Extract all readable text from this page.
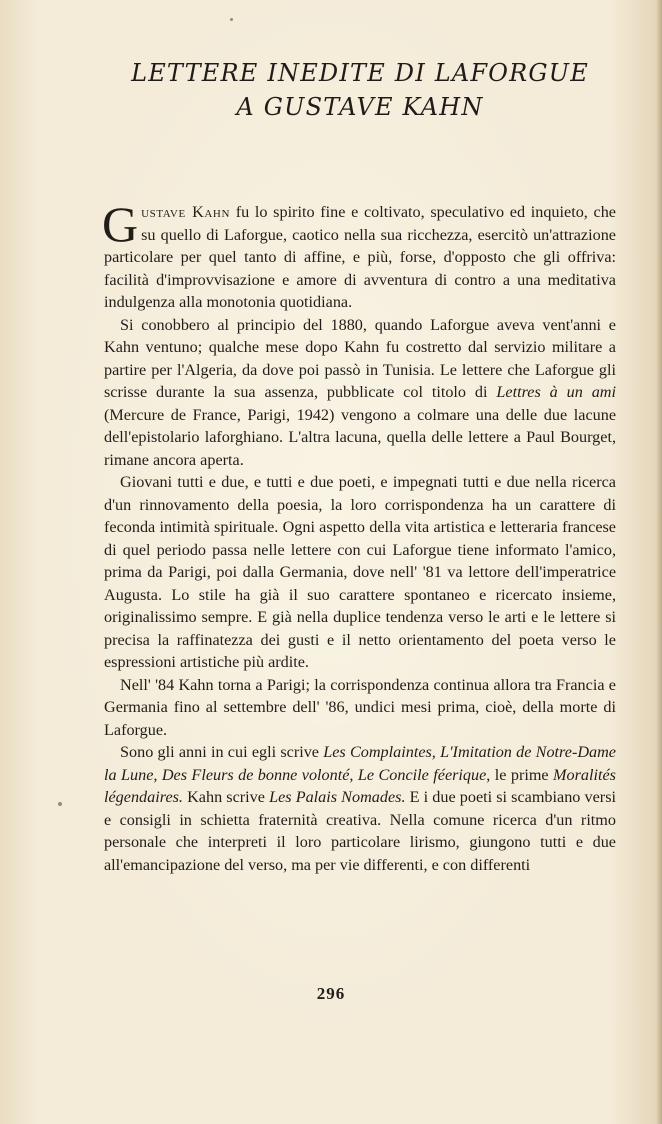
LETTERE INEDITE DI LAFORGUE
A GUSTAVE KAHN

Gustave Kahn fu lo spirito fine e coltivato, speculativo ed inquieto, che su quello di Laforgue, caotico nella sua ricchezza, esercitò un'attrazione particolare per quel tanto di affine, e più, forse, d'opposto che gli offriva: facilità d'improvvisazione e amore di avventura di contro a una meditativa indulgenza alla monotonia quotidiana.

Si conobbero al principio del 1880, quando Laforgue aveva vent'anni e Kahn ventuno; qualche mese dopo Kahn fu costretto dal servizio militare a partire per l'Algeria, da dove poi passò in Tunisia. Le lettere che Laforgue gli scrisse durante la sua assenza, pubblicate col titolo di Lettres à un ami (Mercure de France, Parigi, 1942) vengono a colmare una delle due lacune dell'epistolario laforghiano. L'altra lacuna, quella delle lettere a Paul Bourget, rimane ancora aperta.

Giovani tutti e due, e tutti e due poeti, e impegnati tutti e due nella ricerca d'un rinnovamento della poesia, la loro corrispondenza ha un carattere di feconda intimità spirituale. Ogni aspetto della vita artistica e letteraria francese di quel periodo passa nelle lettere con cui Laforgue tiene informato l'amico, prima da Parigi, poi dalla Germania, dove nell' '81 va lettore dell'imperatrice Augusta. Lo stile ha già il suo carattere spontaneo e ricercato insieme, originalissimo sempre. E già nella duplice tendenza verso le arti e le lettere si precisa la raffinatezza dei gusti e il netto orientamento del poeta verso le espressioni artistiche più ardite.

Nell' '84 Kahn torna a Parigi; la corrispondenza continua allora tra Francia e Germania fino al settembre dell' '86, undici mesi prima, cioè, della morte di Laforgue.

Sono gli anni in cui egli scrive Les Complaintes, L'Imitation de Notre-Dame la Lune, Des Fleurs de bonne volonté, Le Concile féerique, le prime Moralités légendaires. Kahn scrive Les Palais Nomades. E i due poeti si scambiano versi e consigli in schietta fraternità creativa. Nella comune ricerca d'un ritmo personale che interpreti il loro particolare lirismo, giungono tutti e due all'emancipazione del verso, ma per vie differenti, e con differenti

296
